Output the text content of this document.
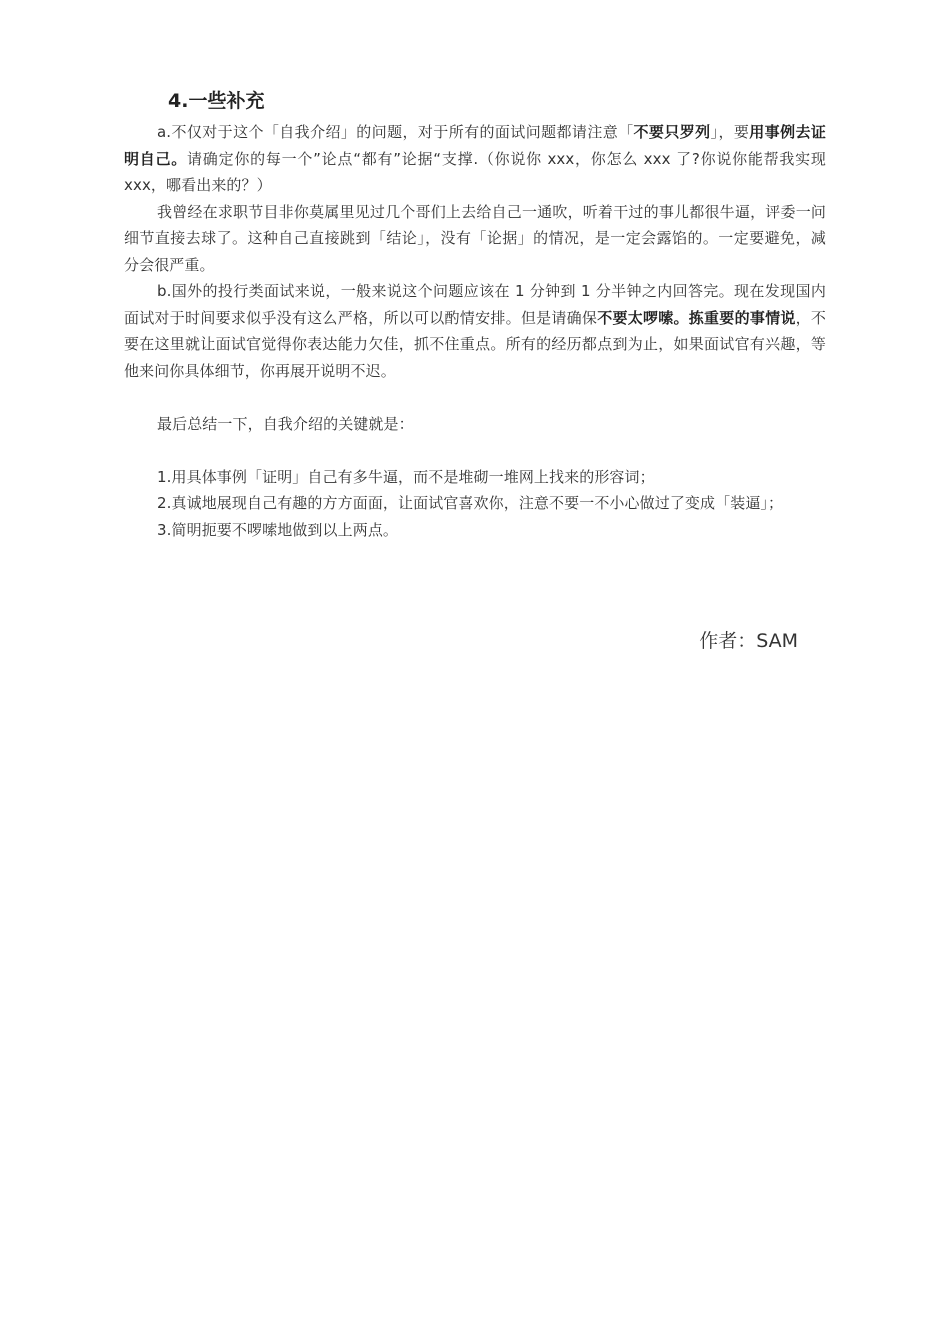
4.一些补充

a.不仅对于这个「自我介绍」的问题，对于所有的面试问题都请注意「不要只罗列」，要用事例去证明自己。请确定你的每一个”论点“都有”论据“支撑.（你说你 xxx，你怎么 xxx 了?你说你能帮我实现 xxx，哪看出来的？）

我曾经在求职节目非你莫属里见过几个哥们上去给自己一通吹，听着干过的事儿都很牛逼，评委一问细节直接去球了。这种自己直接跳到「结论」，没有「论据」的情况，是一定会露馅的。一定要避免，减分会很严重。

b.国外的投行类面试来说，一般来说这个问题应该在 1 分钟到 1 分半钟之内回答完。现在发现国内面试对于时间要求似乎没有这么严格，所以可以酌情安排。但是请确保不要太啰嗦。拣重要的事情说，不要在这里就让面试官觉得你表达能力欠佳，抓不住重点。所有的经历都点到为止，如果面试官有兴趣，等他来问你具体细节，你再展开说明不迟。

最后总结一下，自我介绍的关键就是：

1.用具体事例「证明」自己有多牛逼，而不是堆砌一堆网上找来的形容词；

2.真诚地展现自己有趣的方方面面，让面试官喜欢你，注意不要一不小心做过了变成「装逼」；

3.简明扼要不啰嗦地做到以上两点。

作者：SAM
